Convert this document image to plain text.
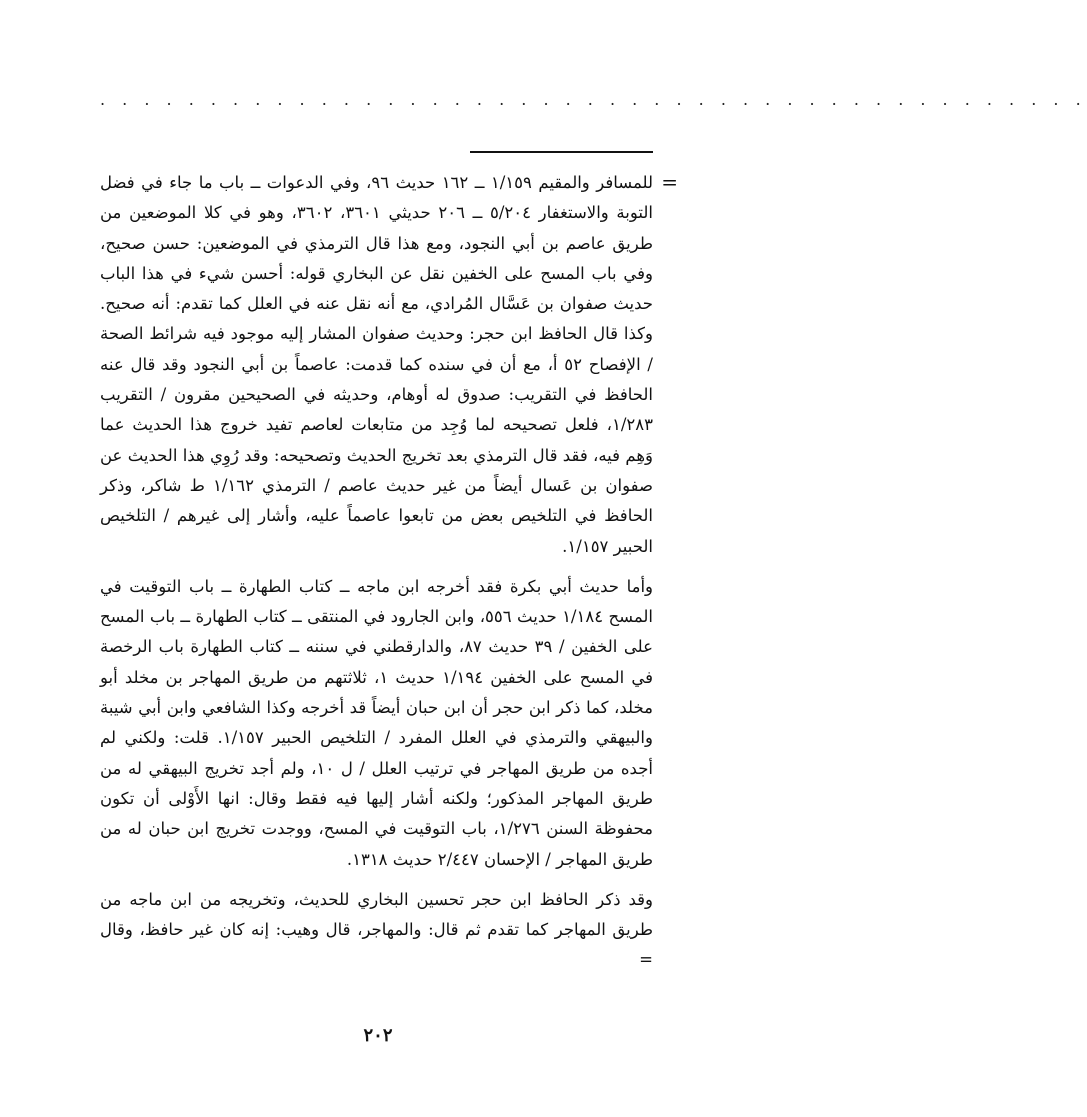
. . . . . . . . . . . . . . . . . . . . . . . . . . . . . . . . . . . . . . . . . . . . .
=

للمسافر والمقيم ١/١٥٩ ــ ١٦٢ حديث ٩٦، وفي الدعوات ــ باب ما جاء في فضل التوبة والاستغفار ٥/٢٠٤ ــ ٢٠٦ حديثي ٣٦٠١، ٣٦٠٢، وهو في كلا الموضعين من طريق عاصم بن أبي النجود، ومع هذا قال الترمذي في الموضعين: حسن صحيح، وفي باب المسح على الخفين نقل عن البخاري قوله: أحسن شيء في هذا الباب حديث صفوان بن عَسَّال المُرادي، مع أنه نقل عنه في العلل كما تقدم: أنه صحيح. وكذا قال الحافظ ابن حجر: وحديث صفوان المشار إليه موجود فيه شرائط الصحة / الإفصاح ٥٢ أ، مع أن في سنده كما قدمت: عاصماً بن أبي النجود وقد قال عنه الحافظ في التقريب: صدوق له أوهام، وحديثه في الصحيحين مقرون / التقريب ١/٢٨٣، فلعل تصحيحه لما وُجِد من متابعات لعاصم تفيد خروج هذا الحديث عما وَهِم فيه، فقد قال الترمذي بعد تخريج الحديث وتصحيحه: وقد رُوِي هذا الحديث عن صفوان بن عَسال أيضاً من غير حديث عاصم / الترمذي ١/١٦٢ ط شاكر، وذكر الحافظ في التلخيص بعض من تابعوا عاصماً عليه، وأشار إلى غيرهم / التلخيص الحبير ١/١٥٧.

وأما حديث أبي بكرة فقد أخرجه ابن ماجه ــ كتاب الطهارة ــ باب التوقيت في المسح ١/١٨٤ حديث ٥٥٦، وابن الجارود في المنتقى ــ كتاب الطهارة ــ باب المسح على الخفين / ٣٩ حديث ٨٧، والدارقطني في سننه ــ كتاب الطهارة باب الرخصة في المسح على الخفين ١/١٩٤ حديث ١، ثلاثتهم من طريق المهاجر بن مخلد أبو مخلد، كما ذكر ابن حجر أن ابن حبان أيضاً قد أخرجه وكذا الشافعي وابن أبي شيبة والبيهقي والترمذي في العلل المفرد / التلخيص الحبير ١/١٥٧. قلت: ولكني لم أجده من طريق المهاجر في ترتيب العلل / ل ١٠، ولم أجد تخريج البيهقي له من طريق المهاجر المذكور؛ ولكنه أشار إليها فيه فقط وقال: انها الأَوْلى أن تكون محفوظة السنن ١/٢٧٦، باب التوقيت في المسح، ووجدت تخريج ابن حبان له من طريق المهاجر / الإحسان ٢/٤٤٧ حديث ١٣١٨.

وقد ذكر الحافظ ابن حجر تحسين البخاري للحديث، وتخريجه من ابن ماجه من طريق المهاجر كما تقدم ثم قال: والمهاجر، قال وهيب: إنه كان غير حافظ، وقال =

٢٠٢
